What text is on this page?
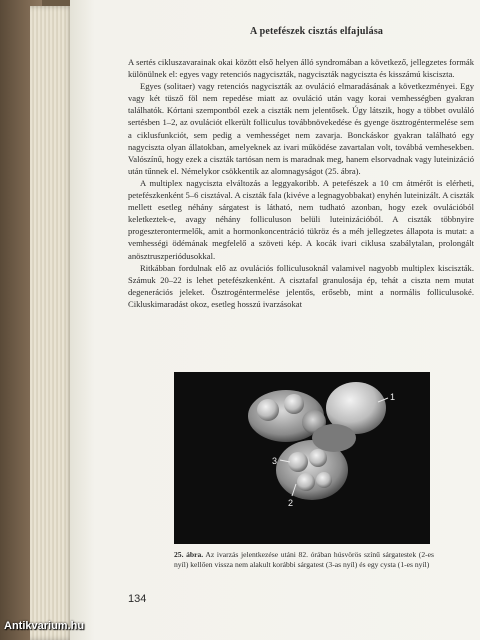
A petefészek cisztás elfajulása

A sertés cikluszavarainak okai között első helyen álló syndromában a következő, jellegzetes formák különülnek el: egyes vagy retenciós nagyciszták, nagyciszták nagyciszta és kisszámú kisciszta.

Egyes (solitaer) vagy retenciós nagyciszták az ovuláció elmaradásának a következményei. Egy vagy két tüsző föl nem repedése miatt az ovuláció után vagy korai vemhességben gyakran találhatók. Kórtani szempontból ezek a ciszták nem jelentősek. Úgy látszik, hogy a többet ovuláló sertésben 1–2, az ovulációt elkerült folliculus továbbnövekedése és gyenge ösztrogéntermelése sem a ciklusfunkciót, sem pedig a vemhességet nem zavarja. Bonckáskor gyakran található egy nagyciszta olyan állatokban, amelyeknek az ivari működése zavartalan volt, továbbá vemhesekben. Valószínű, hogy ezek a ciszták tartósan nem is maradnak meg, hanem elsorvadnak vagy luteinizáció után tűnnek el. Némelykor csökkentik az alomnagyságot (25. ábra).

A multiplex nagyciszta elváltozás a leggyakoribb. A petefészek a 10 cm átmérőt is elérheti, petefészkenként 5–6 cisztával. A ciszták fala (kivéve a legnagyobbakat) enyhén luteinizált. A ciszták mellett esetleg néhány sárgatest is látható, nem tudható azonban, hogy ezek ovulációból keletkeztek-e, avagy néhány folliculuson belüli luteinizációból. A ciszták többnyire progeszterontermelők, amit a hormonkoncentráció tükröz és a méh jellegzetes állapota is mutat: a vemhességi ödémának megfelelő a szöveti kép. A kocák ivari ciklusa szabálytalan, prolongált anösztruszperiódusokkal.

Ritkábban fordulnak elő az ovulációs folliculusoknál valamivel nagyobb multiplex kisciszták. Számuk 20–22 is lehet petefészkenként. A cisztafal granulosája ép, tehát a ciszta nem mutat degenerációs jeleket. Ösztrogéntermelése jelentős, erősebb, mint a normális folliculusoké. Cikluskimaradást okoz, esetleg hosszú ivarzásokat

1
2
3
25. ábra. Az ivarzás jelentkezése utáni 82. órában húsvörös színű sárgatestek (2-es nyíl) kellően vissza nem alakult korábbi sárgatest (3-as nyíl) és egy cysta (1-es nyíl)
134
Antikvarium.hu
